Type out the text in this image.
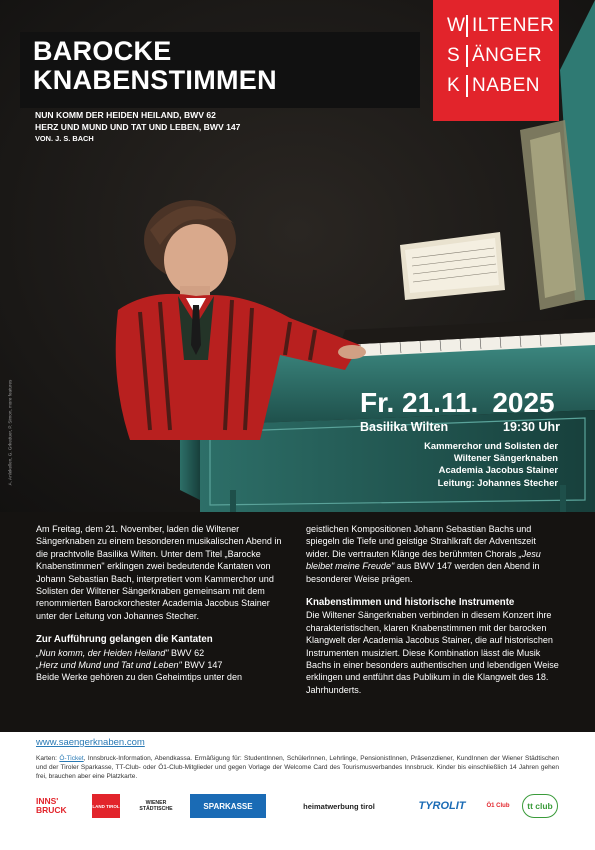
BAROCKE
KNABENSTIMMEN
NUN KOMM DER HEIDEN HEILAND, BWV 62
HERZ UND MUND UND TAT UND LEBEN, BWV 147
VON. J. S. BACH
W ILTENER
S ÄNGER
K NABEN
A. Anlekellen, G. Grkeduer, P. Simon, more features	Fr. 21.11. 2025
Basilika Wilten	19:30 Uhr
Kammerchor und Solisten der
Wiltener Sängerknaben
Academia Jacobus Stainer
Leitung: Johannes Stecher

Am Freitag, dem 21. November, laden die Wiltener Sängerknaben zu einem besonderen musikalischen Abend in die prachtvolle Basilika Wilten. Unter dem Titel „Barocke Knabenstimmen" erklingen zwei bedeutende Kantaten von Johann Sebastian Bach, interpretiert vom Kammerchor und Solisten der Wiltener Sängerknaben gemeinsam mit dem renommierten Barockorchester Academia Jacobus Stainer unter der Leitung von Johannes Stecher.

Zur Aufführung gelangen die Kantaten

„Nun komm, der Heiden Heiland" BWV 62

„Herz und Mund und Tat und Leben" BWV 147

Beide Werke gehören zu den Geheimtips unter den

geistlichen Kompositionen Johann Sebastian Bachs und spiegeln die Tiefe und geistige Strahlkraft der Adventszeit wider. Die vertrauten Klänge des berühmten Chorals „Jesu bleibet meine Freude" aus BWV 147 werden den Abend in besonderer Weise prägen.

Knabenstimmen und historische Instrumente

Die Wiltener Sängerknaben verbinden in diesem Konzert ihre charakteristischen, klaren Knabenstimmen mit der barocken Klangwelt der Academia Jacobus Stainer, die auf historischen Instrumenten musiziert. Diese Kombination lässt die Musik Bachs in einer besonders authentischen und lebendigen Weise erklingen und entführt das Publikum in die Klangwelt des 18. Jahrhunderts.

www.saengerknaben.com
Karten: Ö-Ticket, Innsbruck-Information, Abendkassa. Ermäßigung für: StudentInnen, SchülerInnen, Lehrlinge, PensionistInnen, Präsenzdiener, KundInnen der Wiener Städtischen und der Tiroler Sparkasse, TT-Club- oder Ö1-Club-Mitglieder und gegen Vorlage der Welcome Card des Tourismusverbandes Innsbruck. Kinder bis einschließlich 14 Jahren gehen frei, brauchen aber eine Platzkarte.
INNS' BRUCK	LAND TIROL	WIENER STÄDTISCHE	SPARKASSE	heimatwerbung tirol	TYROLIT	Ö1 Club tt club
